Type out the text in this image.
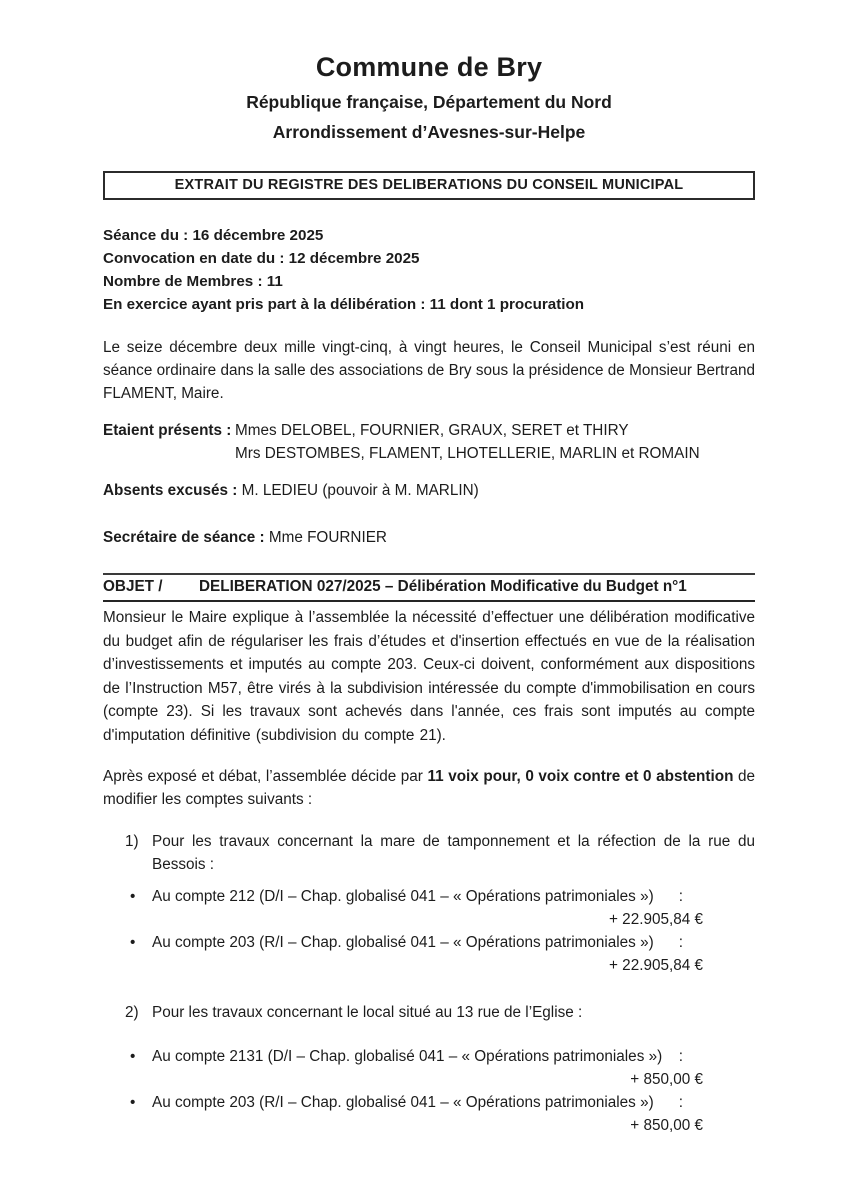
Commune de Bry
République française, Département du Nord
Arrondissement d’Avesnes-sur-Helpe
EXTRAIT DU REGISTRE DES DELIBERATIONS DU CONSEIL MUNICIPAL
Séance du : 16 décembre 2025
Convocation en date du : 12 décembre 2025
Nombre de Membres : 11
En exercice ayant pris part à la délibération : 11 dont 1 procuration
Le seize décembre deux mille vingt-cinq, à vingt heures, le Conseil Municipal s’est réuni en séance ordinaire dans la salle des associations de Bry sous la présidence de Monsieur Bertrand FLAMENT, Maire.
Etaient présents : Mmes DELOBEL, FOURNIER, GRAUX, SERET et THIRY
Mrs DESTOMBES, FLAMENT, LHOTELLERIE, MARLIN et ROMAIN
Absents excusés : M. LEDIEU (pouvoir à M. MARLIN)
Secrétaire de séance : Mme FOURNIER
OBJET /	DELIBERATION 027/2025 – Délibération Modificative du Budget n°1
Monsieur le Maire explique à l’assemblée la nécessité d’effectuer une délibération modificative du budget afin de régulariser les frais d’études et d'insertion effectués en vue de la réalisation d’investissements et imputés au compte 203. Ceux-ci doivent, conformément aux dispositions de l’Instruction M57, être virés à la subdivision intéressée du compte d'immobilisation en cours (compte 23). Si les travaux sont achevés dans l'année, ces frais sont imputés au compte d'imputation définitive (subdivision du compte 21).
Après exposé et débat, l’assemblée décide par 11 voix pour, 0 voix contre et 0 abstention de modifier les comptes suivants :
1) Pour les travaux concernant la mare de tamponnement et la réfection de la rue du Bessois :
•	Au compte 212 (D/I – Chap. globalisé 041 – « Opérations patrimoniales »)	:
+ 22.905,84 €
•	Au compte 203 (R/I – Chap. globalisé 041 – « Opérations patrimoniales »)	:
+ 22.905,84 €
2) Pour les travaux concernant le local situé au 13 rue de l’Eglise :
•	Au compte 2131 (D/I – Chap. globalisé 041 – « Opérations patrimoniales »)	:
+ 850,00 €
•	Au compte 203 (R/I – Chap. globalisé 041 – « Opérations patrimoniales »)	:
+ 850,00 €
